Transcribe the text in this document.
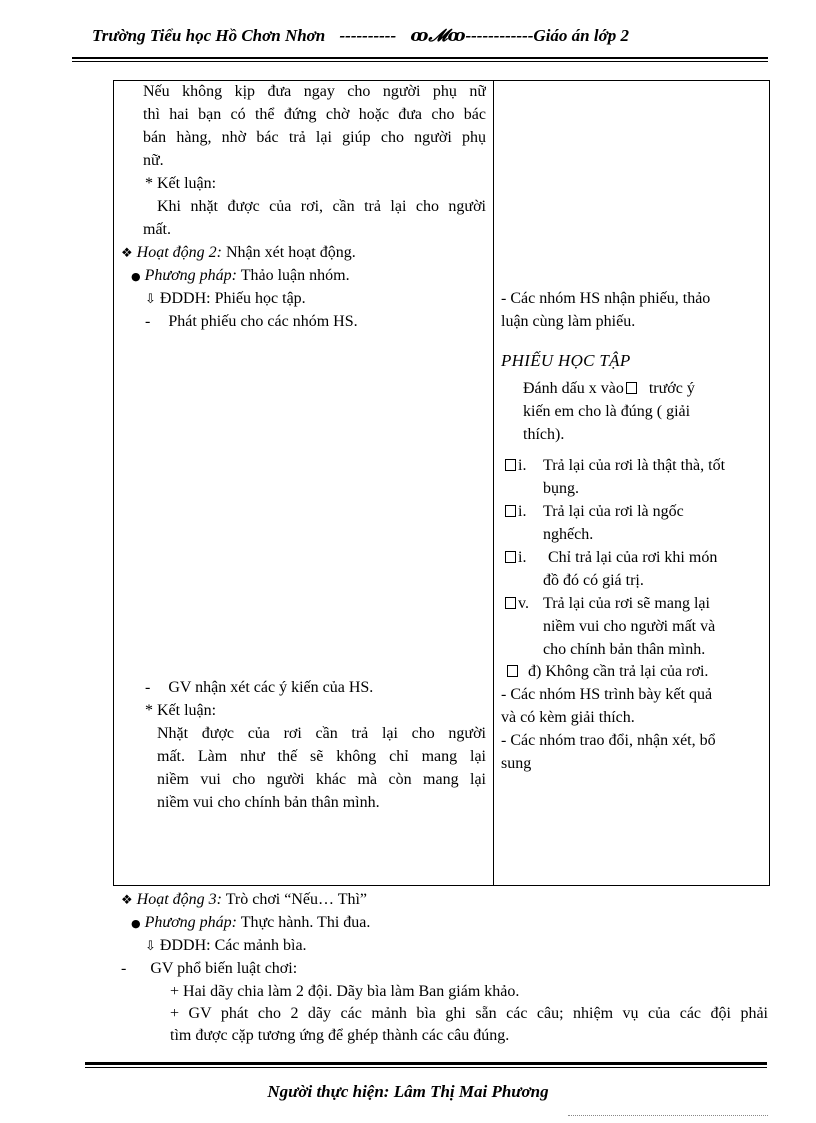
Trường Tiểu học Hồ Chơn Nhơn ---------- ꝏ𝓜ꝏ------------Giáo án lớp 2
Nếu không kịp đưa ngay cho người phụ nữ
thì hai bạn có thể đứng chờ hoặc đưa cho bác
bán hàng, nhờ bác trả lại giúp cho người phụ
nữ.
* Kết luận:
Khi nhặt được của rơi, cần trả lại cho người
mất.
❖ Hoạt động 2: Nhận xét hoạt động.
● Phương pháp: Thảo luận nhóm.
⇩ ĐDDH: Phiếu học tập.
- Phát phiếu cho các nhóm HS.
- GV nhận xét các ý kiến của HS.
* Kết luận:
Nhặt được của rơi cần trả lại cho người
mất. Làm như thế sẽ không chỉ mang lại
niềm vui cho người khác mà còn mang lại
niềm vui cho chính bản thân mình.
- Các nhóm HS nhận phiếu, thảo
luận cùng làm phiếu.
PHIẾU HỌC TẬP
Đánh dấu x vào trước ý
kiến em cho là đúng ( giải
thích).
i. Trả lại của rơi là thật thà, tốt
bụng.
i. Trả lại của rơi là ngốc
nghếch.
i. Chỉ trả lại của rơi khi món
đồ đó có giá trị.
v. Trả lại của rơi sẽ mang lại
niềm vui cho người mất và
cho chính bản thân mình.
đ) Không cần trả lại của rơi.
- Các nhóm HS trình bày kết quả
và có kèm giải thích.
- Các nhóm trao đổi, nhận xét, bổ
sung
❖ Hoạt động 3: Trò chơi “Nếu… Thì”
● Phương pháp: Thực hành. Thi đua.
⇩ ĐDDH: Các mảnh bìa.
- GV phổ biến luật chơi:
+ Hai dãy chia làm 2 đội. Dãy bìa làm Ban giám khảo.
+ GV phát cho 2 dãy các mảnh bìa ghi sẵn các câu; nhiệm vụ của các đội phải
tìm được cặp tương ứng để ghép thành các câu đúng.
Người thực hiện: Lâm Thị Mai Phương
